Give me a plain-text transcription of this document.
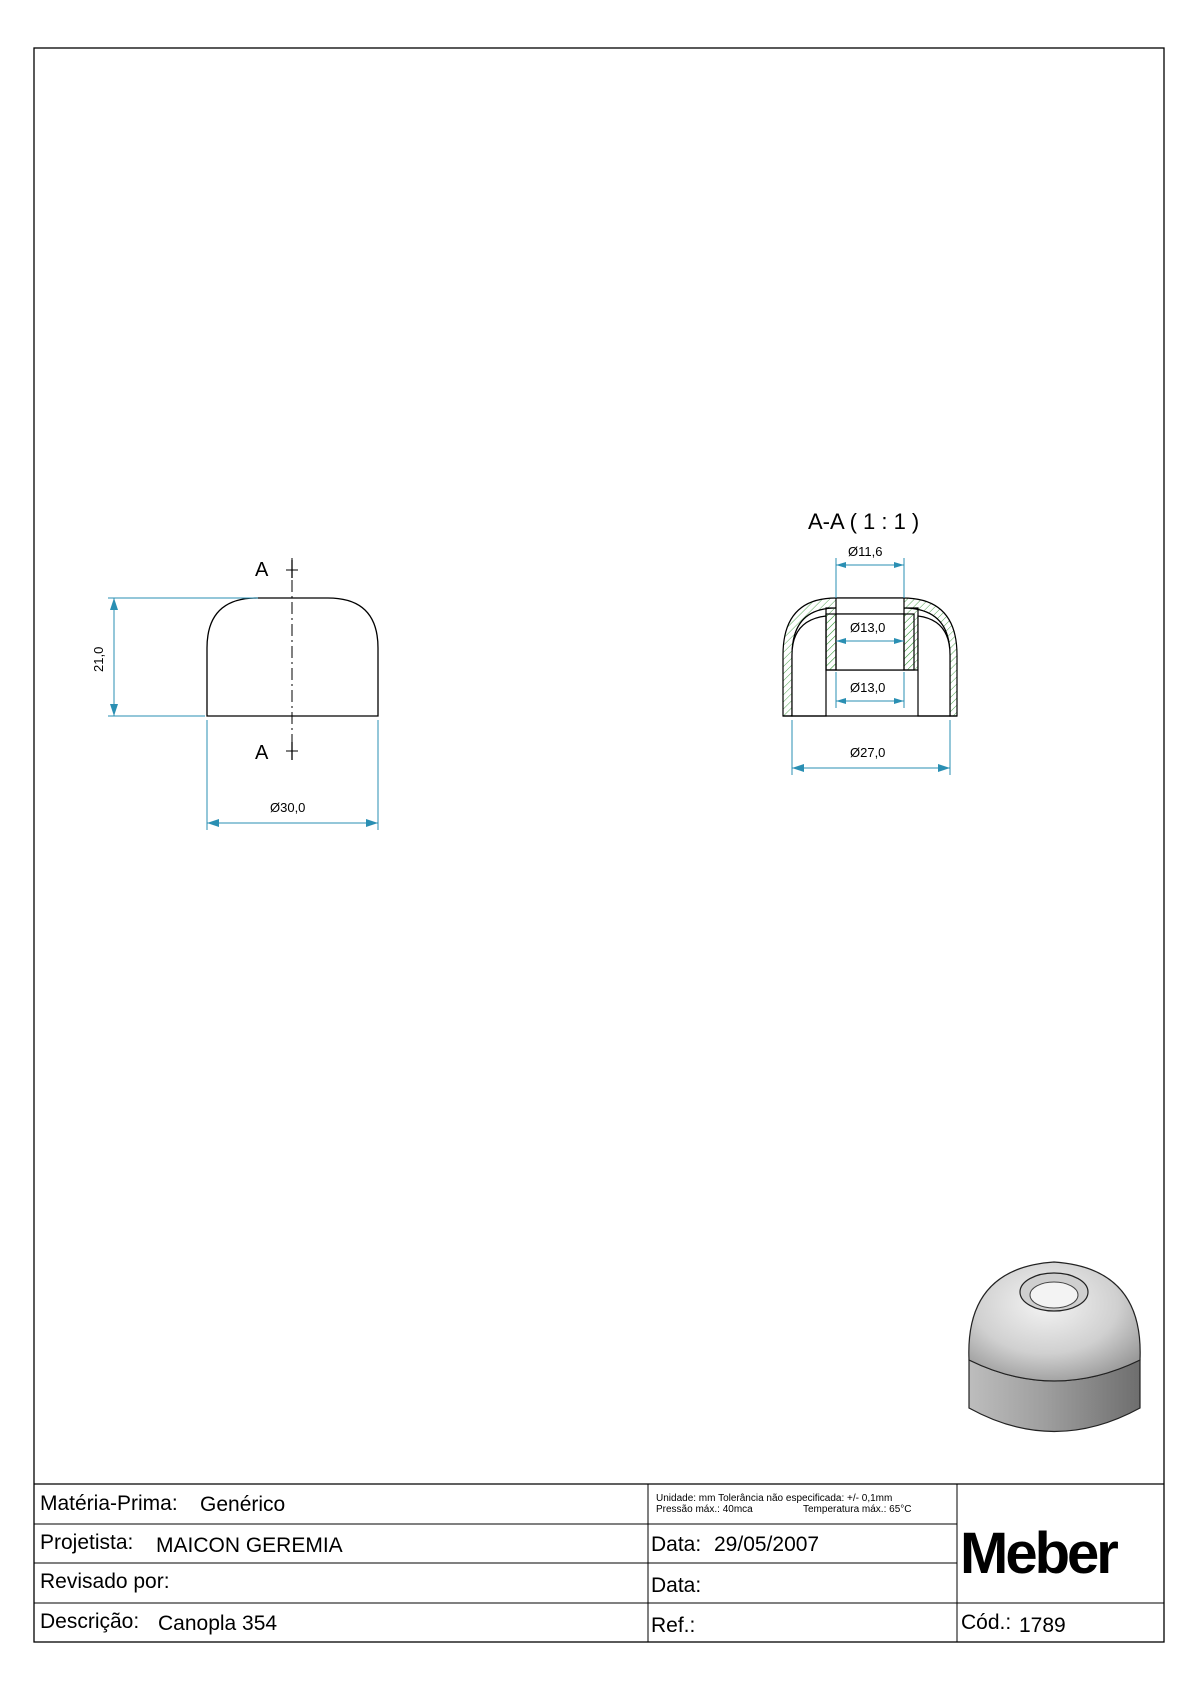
A
A
21,0
Ø30,0
A-A ( 1 : 1 )
Ø11,6
Ø13,0
Ø13,0
Ø27,0
Matéria-Prima: Genérico
Projetista: MAICON GEREMIA
Revisado por:
Descrição: Canopla 354
Unidade: mm Tolerância não especificada: +/- 0,1mm
Pressão máx.: 40mca	Temperatura máx.: 65°C
Data: 29/05/2007
Data:
Ref.:
Meber
Cód.: 1789
